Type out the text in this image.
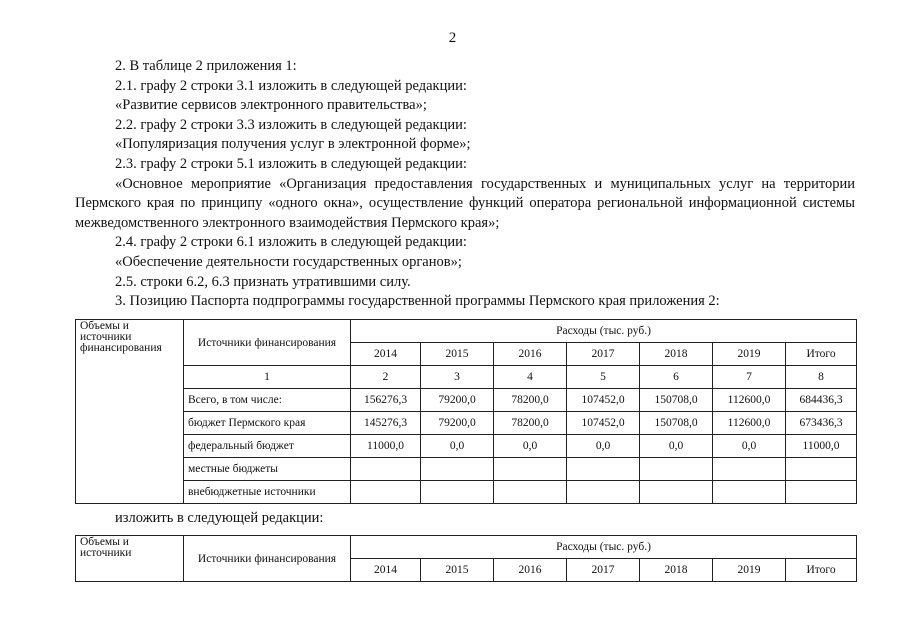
2

2. В таблице 2 приложения 1:

2.1. графу 2 строки 3.1 изложить в следующей редакции:

«Развитие сервисов электронного правительства»;

2.2. графу 2 строки 3.3 изложить в следующей редакции:

«Популяризация получения услуг в электронной форме»;

2.3. графу 2 строки 5.1 изложить в следующей редакции:

«Основное мероприятие «Организация предоставления государственных и муниципальных услуг на территории Пермского края по принципу «одного окна», осуществление функций оператора региональной информационной системы межведомственного электронного взаимодействия Пермского края»;

2.4. графу 2 строки 6.1 изложить в следующей редакции:

«Обеспечение деятельности государственных органов»;

2.5. строки 6.2, 6.3 признать утратившими силу.

3. Позицию Паспорта подпрограммы государственной программы Пермского края приложения 2:

Объемы и источники финансирования	Источники финансирования	Расходы (тыс. руб.)						
		2014	2015	2016	2017	2018	2019	Итого
	1	2	3	4	5	6	7	8
	Всего, в том числе:	156276,3	79200,0	78200,0	107452,0	150708,0	112600,0	684436,3
	бюджет Пермского края	145276,3	79200,0	78200,0	107452,0	150708,0	112600,0	673436,3
	федеральный бюджет	11000,0	0,0	0,0	0,0	0,0	0,0	11000,0
	местные бюджеты							
	внебюджетные источники							

изложить в следующей редакции:

Объемы и источники	Источники финансирования	Расходы (тыс. руб.)						
		2014	2015	2016	2017	2018	2019	Итого
